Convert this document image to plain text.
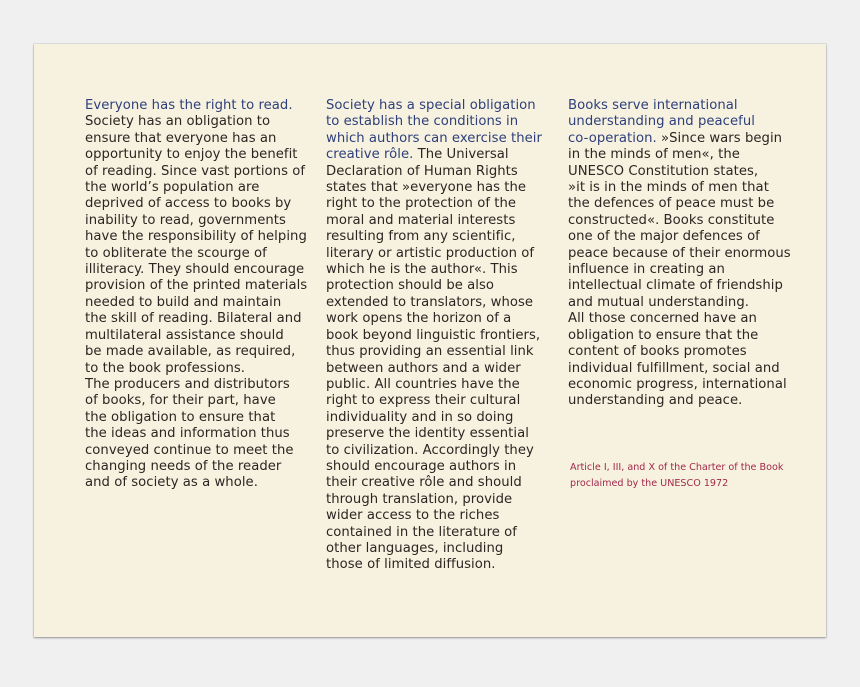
Everyone has the right to read.
Society has an obligation to
ensure that everyone has an
opportunity to enjoy the benefit
of reading. Since vast portions of
the world’s population are
deprived of access to books by
inability to read, governments
have the responsibility of helping
to obliterate the scourge of
illiteracy. They should encourage
provision of the printed materials
needed to build and maintain
the skill of reading. Bilateral and
multilateral assistance should
be made available, as required,
to the book professions.
The producers and distributors
of books, for their part, have
the obligation to ensure that
the ideas and information thus
conveyed continue to meet the
changing needs of the reader
and of society as a whole.
Society has a special obligation
to establish the conditions in
which authors can exercise their
creative rôle. The Universal
Declaration of Human Rights
states that »everyone has the
right to the protection of the
moral and material interests
resulting from any scientific,
literary or artistic production of
which he is the author«. This
protection should be also
extended to translators, whose
work opens the horizon of a
book beyond linguistic frontiers,
thus providing an essential link
between authors and a wider
public. All countries have the
right to express their cultural
individuality and in so doing
preserve the identity essential
to civilization. Accordingly they
should encourage authors in
their creative rôle and should
through translation, provide
wider access to the riches
contained in the literature of
other languages, including
those of limited diffusion.
Books serve international
understanding and peaceful
co-operation. »Since wars begin
in the minds of men«, the
UNESCO Constitution states,
»it is in the minds of men that
the defences of peace must be
constructed«. Books constitute
one of the major defences of
peace because of their enormous
influence in creating an
intellectual climate of friendship
and mutual understanding.
All those concerned have an
obligation to ensure that the
content of books promotes
individual fulfillment, social and
economic progress, international
understanding and peace.
Article I, III, and X of the Charter of the Book
proclaimed by the UNESCO 1972
